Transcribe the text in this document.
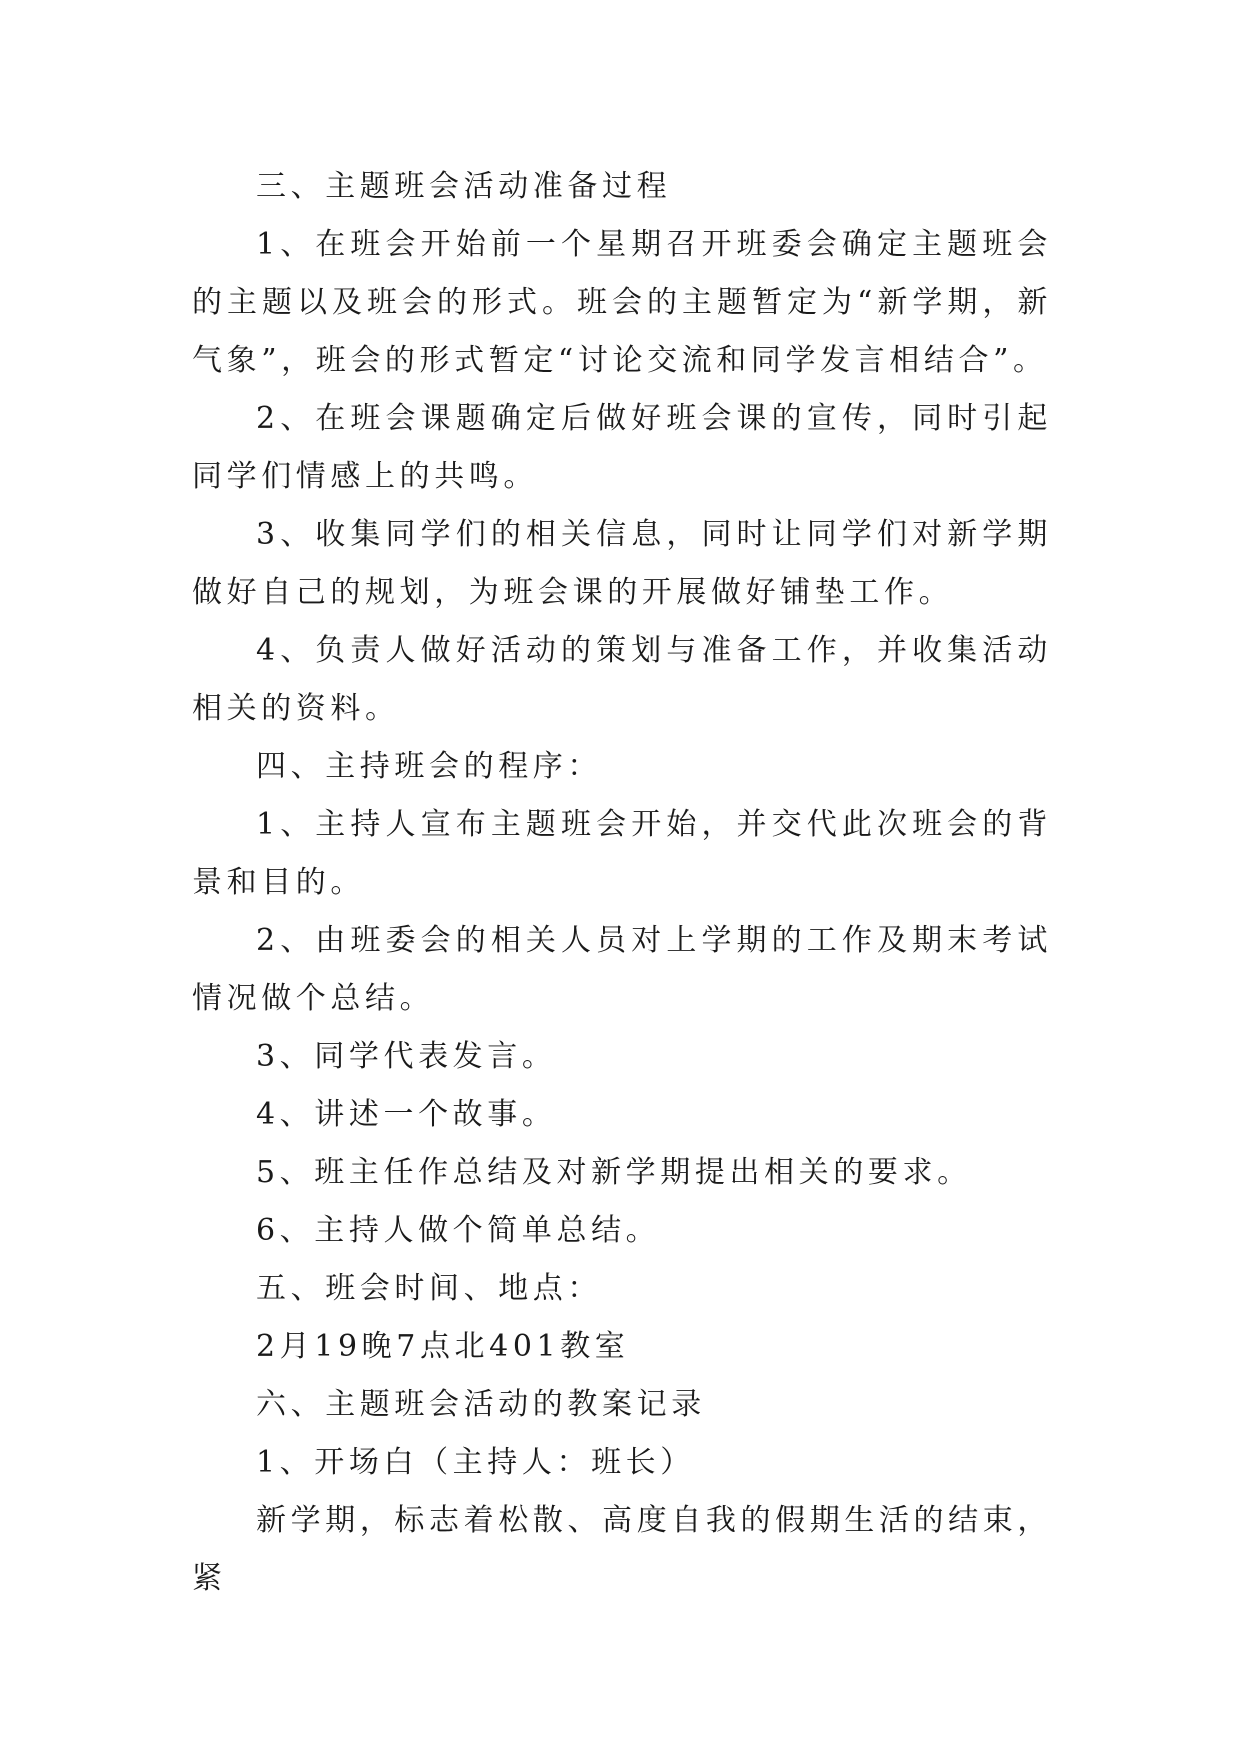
三、主题班会活动准备过程

1、在班会开始前一个星期召开班委会确定主题班会的主题以及班会的形式。班会的主题暂定为“新学期，新气象”，班会的形式暂定“讨论交流和同学发言相结合”。

2、在班会课题确定后做好班会课的宣传，同时引起同学们情感上的共鸣。

3、收集同学们的相关信息，同时让同学们对新学期做好自己的规划，为班会课的开展做好铺垫工作。

4、负责人做好活动的策划与准备工作，并收集活动相关的资料。

四、主持班会的程序：

1、主持人宣布主题班会开始，并交代此次班会的背景和目的。

2、由班委会的相关人员对上学期的工作及期末考试情况做个总结。

3、同学代表发言。

4、讲述一个故事。

5、班主任作总结及对新学期提出相关的要求。

6、主持人做个简单总结。

五、班会时间、地点：

2月19晚7点北401教室

六、主题班会活动的教案记录

1、开场白（主持人：班长）

新学期，标志着松散、高度自我的假期生活的结束，紧
